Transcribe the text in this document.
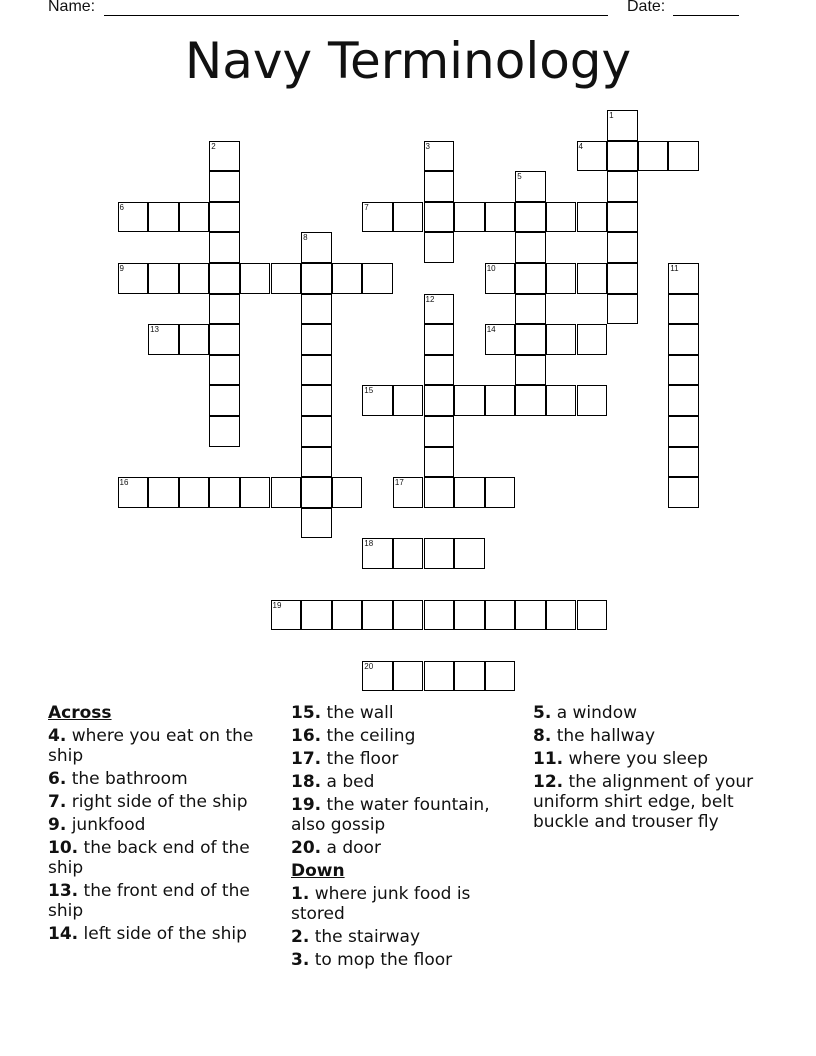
Name:	Date:
Navy Terminology
1
2	3	4
5
6	7
8
9	10	11
12
13	14
15
16	17
18
19
20
Across
4. where you eat on the ship
6. the bathroom
7. right side of the ship
9. junkfood
10. the back end of the ship
13. the front end of the ship
14. left side of the ship
15. the wall
16. the ceiling
17. the floor
18. a bed
19. the water fountain, also gossip
20. a door
Down
1. where junk food is stored
2. the stairway
3. to mop the floor
5. a window
8. the hallway
11. where you sleep
12. the alignment of your uniform shirt edge, belt buckle and trouser fly
